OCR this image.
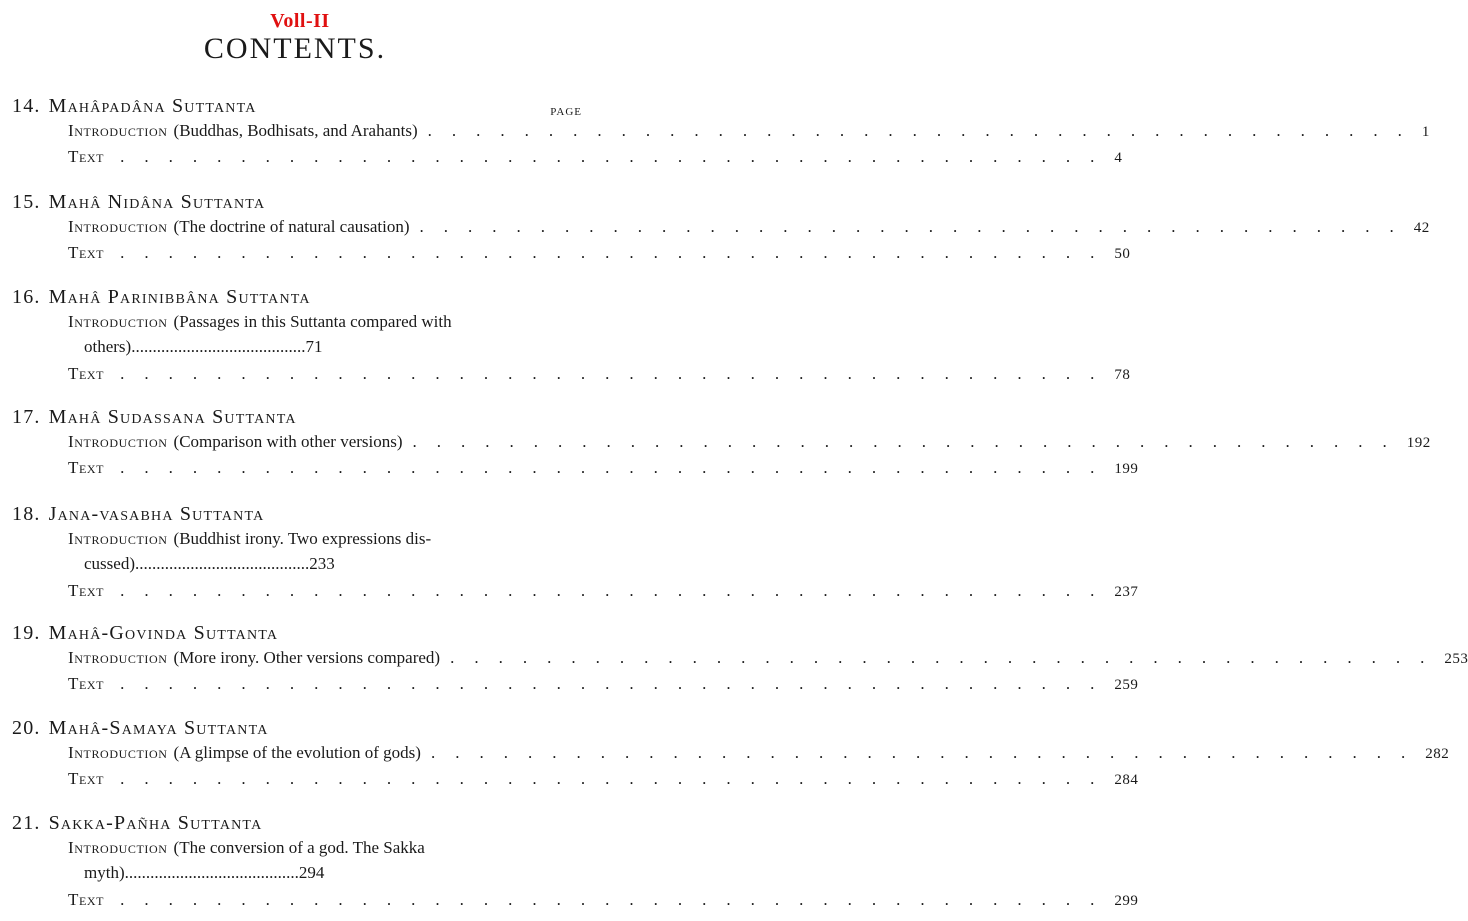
Voll-II
CONTENTS.
PAGE
14. Mahâpadâna Suttanta
Introduction (Buddhas, Bodhisats, and Arahants) ......................................... 1
Text ......................................... 4
15. Mahâ Nidâna Suttanta
Introduction (The doctrine of natural causation) ......................................... 42
Text ......................................... 50
16. Mahâ Parinibbâna Suttanta
Introduction (Passages in this Suttanta compared with
others) ......................................... 71
Text ......................................... 78
17. Mahâ Sudassana Suttanta
Introduction (Comparison with other versions) ......................................... 192
Text ......................................... 199
18. Jana-vasabha Suttanta
Introduction (Buddhist irony. Two expressions dis-
cussed) ......................................... 233
Text ......................................... 237
19. Mahâ-Govinda Suttanta
Introduction (More irony. Other versions compared) ......................................... 253
Text ......................................... 259
20. Mahâ-Samaya Suttanta
Introduction (A glimpse of the evolution of gods) ......................................... 282
Text ......................................... 284
21. Sakka-Pañha Suttanta
Introduction (The conversion of a god. The Sakka
myth) ......................................... 294
Text ......................................... 299
